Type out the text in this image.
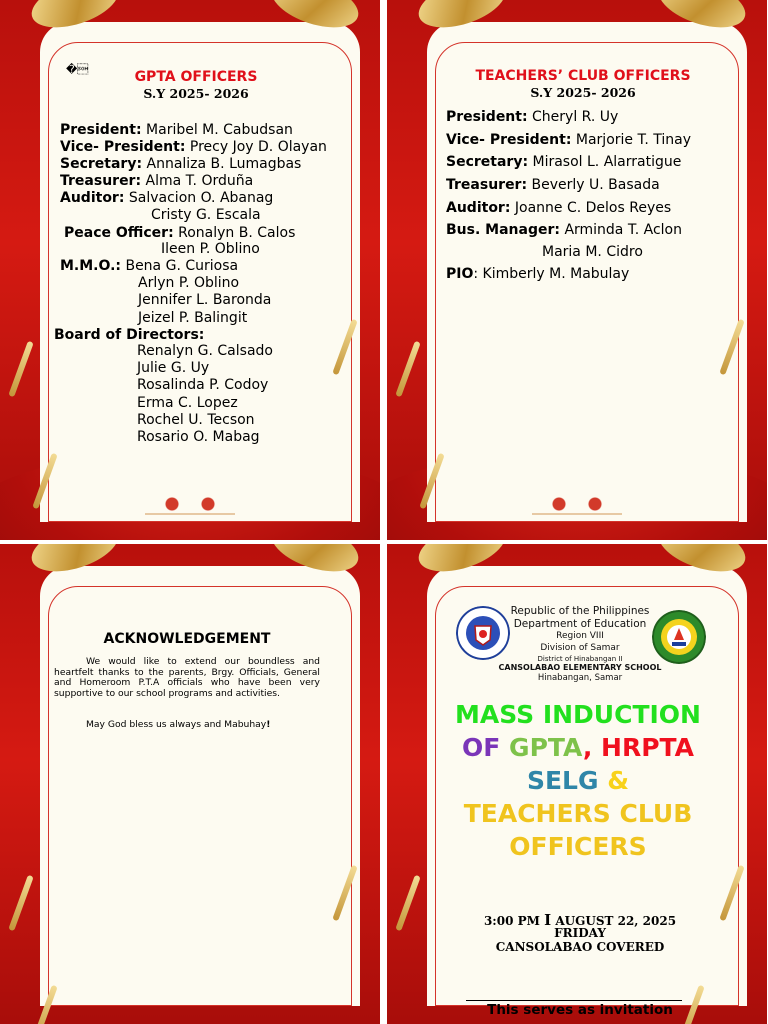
�	GPTA OFFICERS
S.Y 2025- 2026
President: Maribel M. Cabudsan
Vice- President: Precy Joy D. Olayan
Secretary: Annaliza B. Lumagbas
Treasurer: Alma T. Orduña
Auditor: Salvacion O. Abanag
Cristy G. Escala
Peace Officer: Ronalyn B. Calos
Ileen P. Oblino
M.M.O.: Bena G. Curiosa
Arlyn P. Oblino
Jennifer L. Baronda
Jeizel P. Balingit
Board of Directors:
Renalyn G. Calsado
Julie G. Uy
Rosalinda P. Codoy
Erma C. Lopez
Rochel U. Tecson
Rosario O. Mabag
TEACHERS’ CLUB OFFICERS
S.Y 2025- 2026
President: Cheryl R. Uy
Vice- President: Marjorie T. Tinay
Secretary: Mirasol L. Alarratigue
Treasurer: Beverly U. Basada
Auditor: Joanne C. Delos Reyes
Bus. Manager: Arminda T. Aclon
Maria M. Cidro
PIO: Kimberly M. Mabulay
ACKNOWLEDGEMENT
We would like to extend our boundless and heartfelt thanks to the parents, Brgy. Officials, General and Homeroom P.T.A officials who have been very supportive to our school programs and activities.
May God bless us always and Mabuhay!
Republic of the Philippines
Department of Education
Region VIII
Division of Samar
District of Hinabangan II
CANSOLABAO ELEMENTARY SCHOOL
Hinabangan, Samar
MASS INDUCTION
OF GPTA, HRPTA
SELG &
TEACHERS CLUB
OFFICERS
3:00 PM I AUGUST 22, 2025
FRIDAY
CANSOLABAO COVERED
This serves as invitation
